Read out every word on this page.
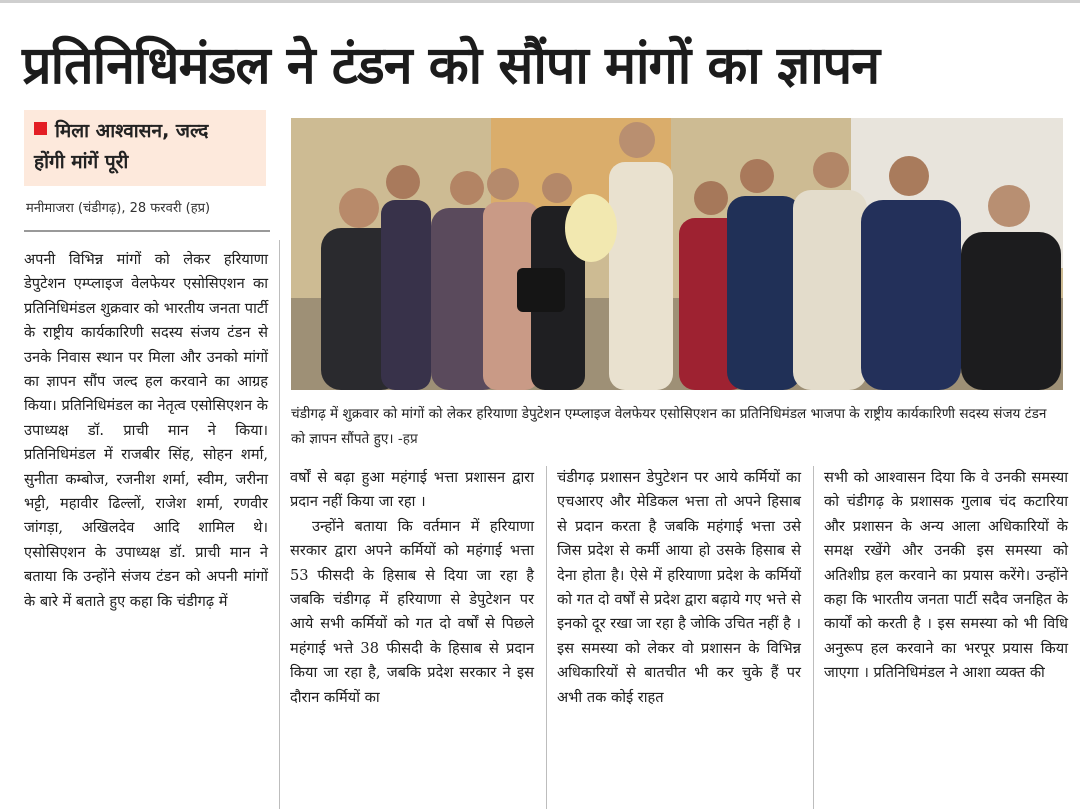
प्रतिनिधिमंडल ने टंडन को सौंपा मांगों का ज्ञापन
मिला आश्वासन, जल्द
होंगी मांगें पूरी
मनीमाजरा (चंडीगढ़), 28 फरवरी (हप्र)

अपनी विभिन्न मांगों को लेकर हरियाणा डेपुटेशन एम्प्लाइज वेलफेयर एसोसिएशन का प्रतिनिधिमंडल शुक्रवार को भारतीय जनता पार्टी के राष्ट्रीय कार्यकारिणी सदस्य संजय टंडन से उनके निवास स्थान पर मिला और उनको मांगों का ज्ञापन सौंप जल्द हल करवाने का आग्रह किया। प्रतिनिधिमंडल का नेतृत्व एसोसिएशन के उपाध्यक्ष डॉ. प्राची मान ने किया। प्रतिनिधिमंडल में राजबीर सिंह, सोहन शर्मा, सुनीता कम्बोज, रजनीश शर्मा, स्वीम, जरीना भट्टी, महावीर ढिल्लों, राजेश शर्मा, रणवीर जांगड़ा, अखिलदेव आदि शामिल थे। एसोसिएशन के उपाध्यक्ष डॉ. प्राची मान ने बताया कि उन्होंने संजय टंडन को अपनी मांगों के बारे में बताते हुए कहा कि चंडीगढ़ में

चंडीगढ़ में शुक्रवार को मांगों को लेकर हरियाणा डेपुटेशन एम्प्लाइज वेलफेयर एसोसिएशन का प्रतिनिधिमंडल भाजपा के राष्ट्रीय कार्यकारिणी सदस्य संजय टंडन को ज्ञापन सौंपते हुए। -हप्र

वर्षों से बढ़ा हुआ महंगाई भत्ता प्रशासन द्वारा प्रदान नहीं किया जा रहा ।

उन्होंने बताया कि वर्तमान में हरियाणा सरकार द्वारा अपने कर्मियों को महंगाई भत्ता 53 फीसदी के हिसाब से दिया जा रहा है जबकि चंडीगढ़ में हरियाणा से डेपुटेशन पर आये सभी कर्मियों को गत दो वर्षों से पिछले महंगाई भत्ते 38 फीसदी के हिसाब से प्रदान किया जा रहा है, जबकि प्रदेश सरकार ने इस दौरान कर्मियों का

चंडीगढ़ प्रशासन डेपुटेशन पर आये कर्मियों का एचआरए और मेडिकल भत्ता तो अपने हिसाब से प्रदान करता है जबकि महंगाई भत्ता उसे जिस प्रदेश से कर्मी आया हो उसके हिसाब से देना होता है। ऐसे में हरियाणा प्रदेश के कर्मियों को गत दो वर्षों से प्रदेश द्वारा बढ़ाये गए भत्ते से इनको दूर रखा जा रहा है जोकि उचित नहीं है । इस समस्या को लेकर वो प्रशासन के विभिन्न अधिकारियों से बातचीत भी कर चुके हैं पर अभी तक कोई राहत

सभी को आश्वासन दिया कि वे उनकी समस्या को चंडीगढ़ के प्रशासक गुलाब चंद कटारिया और प्रशासन के अन्य आला अधिकारियों के समक्ष रखेंगे और उनकी इस समस्या को अतिशीघ्र हल करवाने का प्रयास करेंगे। उन्होंने कहा कि भारतीय जनता पार्टी सदैव जनहित के कार्यों को करती है । इस समस्या को भी विधि अनुरूप हल करवाने का भरपूर प्रयास किया जाएगा । प्रतिनिधिमंडल ने आशा व्यक्त की
